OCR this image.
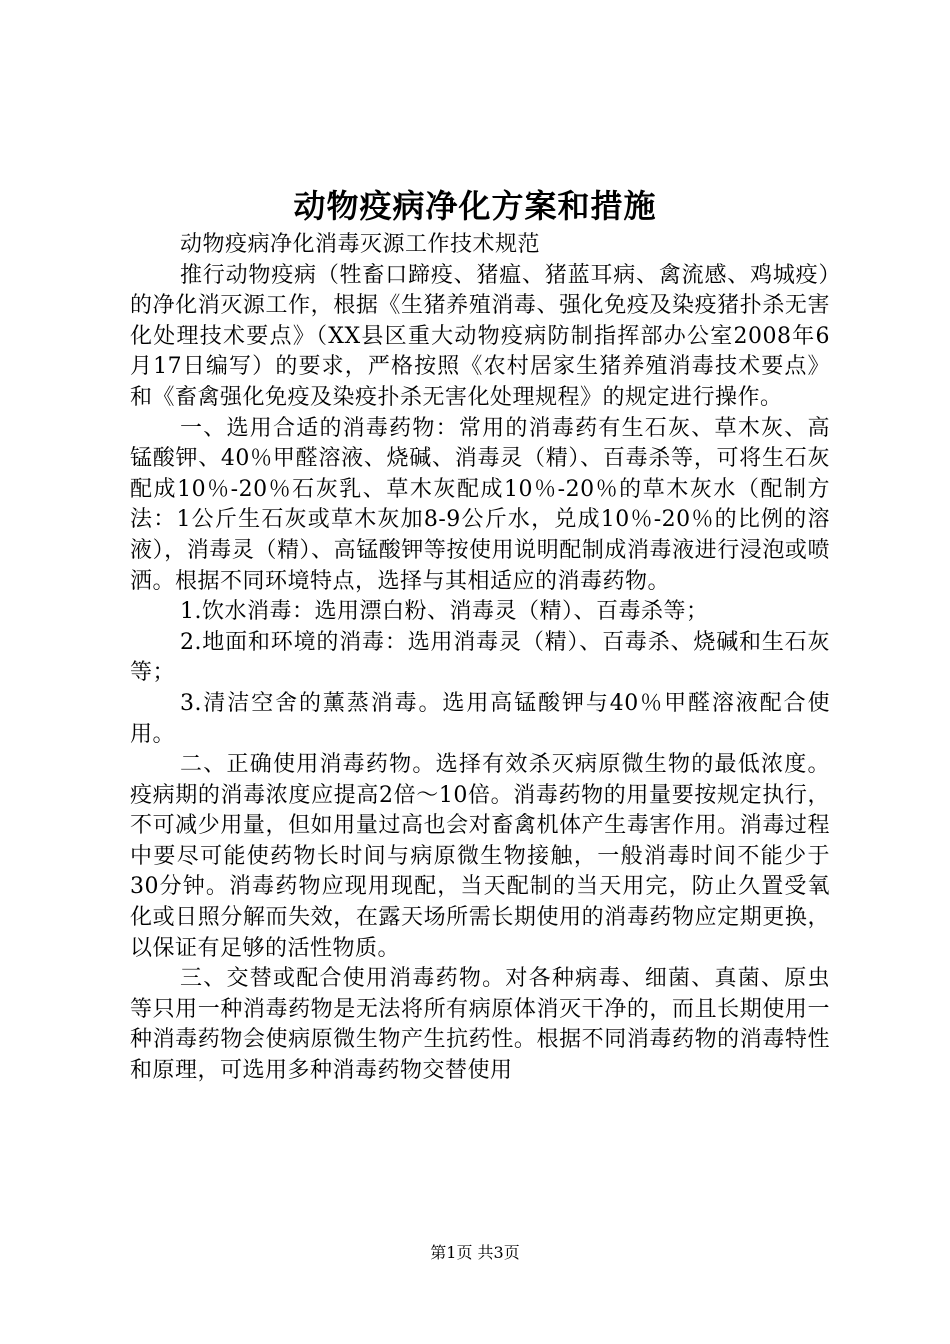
动物疫病净化方案和措施

动物疫病净化消毒灭源工作技术规范

推行动物疫病（牲畜口蹄疫、猪瘟、猪蓝耳病、禽流感、鸡城疫）的净化消灭源工作，根据《生猪养殖消毒、强化免疫及染疫猪扑杀无害化处理技术要点》（XX县区重大动物疫病防制指挥部办公室2008年6月17日编写）的要求，严格按照《农村居家生猪养殖消毒技术要点》和《畜禽强化免疫及染疫扑杀无害化处理规程》的规定进行操作。

一、选用合适的消毒药物：常用的消毒药有生石灰、草木灰、高锰酸钾、40％甲醛溶液、烧碱、消毒灵（精）、百毒杀等，可将生石灰配成10％-20％石灰乳、草木灰配成10％-20％的草木灰水（配制方法：1公斤生石灰或草木灰加8-9公斤水，兑成10％-20％的比例的溶液），消毒灵（精）、高锰酸钾等按使用说明配制成消毒液进行浸泡或喷洒。根据不同环境特点，选择与其相适应的消毒药物。

1.饮水消毒：选用漂白粉、消毒灵（精）、百毒杀等；

2.地面和环境的消毒：选用消毒灵（精）、百毒杀、烧碱和生石灰等；

3.清洁空舍的薰蒸消毒。选用高锰酸钾与40％甲醛溶液配合使用。

二、正确使用消毒药物。选择有效杀灭病原微生物的最低浓度。疫病期的消毒浓度应提高2倍～10倍。消毒药物的用量要按规定执行，不可减少用量，但如用量过高也会对畜禽机体产生毒害作用。消毒过程中要尽可能使药物长时间与病原微生物接触，一般消毒时间不能少于30分钟。消毒药物应现用现配，当天配制的当天用完，防止久置受氧化或日照分解而失效，在露天场所需长期使用的消毒药物应定期更换，以保证有足够的活性物质。

三、交替或配合使用消毒药物。对各种病毒、细菌、真菌、原虫等只用一种消毒药物是无法将所有病原体消灭干净的，而且长期使用一种消毒药物会使病原微生物产生抗药性。根据不同消毒药物的消毒特性和原理，可选用多种消毒药物交替使用

第1页 共3页
